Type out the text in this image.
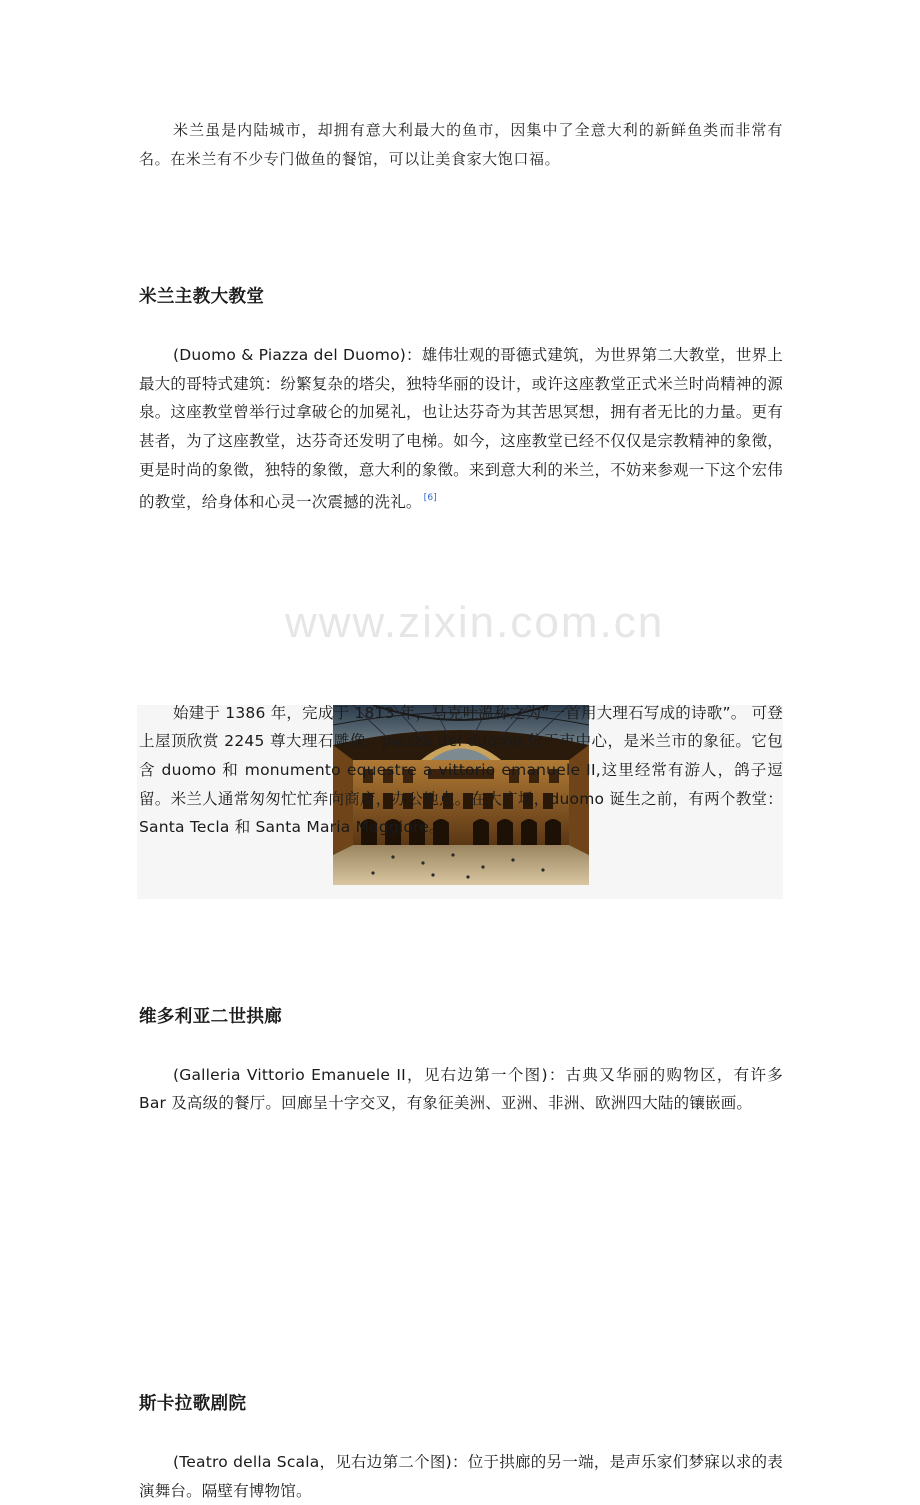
www.zixin.com.cn

米兰虽是内陆城市，却拥有意大利最大的鱼市，因集中了全意大利的新鲜鱼类而非常有名。在米兰有不少专门做鱼的餐馆，可以让美食家大饱口福。

米兰主教大教堂

(Duomo & Piazza del Duomo)：雄伟壮观的哥德式建筑，为世界第二大教堂，世界上最大的哥特式建筑：纷繁复杂的塔尖，独特华丽的设计，或许这座教堂正式米兰时尚精神的源泉。这座教堂曾举行过拿破仑的加冕礼，也让达芬奇为其苦思冥想，拥有者无比的力量。更有甚者，为了这座教堂，达芬奇还发明了电梯。如今，这座教堂已经不仅仅是宗教精神的象徵，更是时尚的象徵，独特的象徵，意大利的象徵。来到意大利的米兰，不妨来参观一下这个宏伟的教堂，给身体和心灵一次震撼的洗礼。 [6]

始建于 1386 年，完成于 1813 年，马克吐温称之为“一首用大理石写成的诗歌”。 可登上屋顶欣赏 2245 尊大理石雕像。piazza del duomo 位于市中心，是米兰市的象征。它包含 duomo 和 monumento equestre a vittorio emanuele II,这里经常有游人，鸽子逗留。米兰人通常匆匆忙忙奔向商店，办公地点。在大广场，duomo 诞生之前，有两个教堂：Santa Tecla 和 Santa Maria Maggiore。

维多利亚二世拱廊

(Galleria Vittorio Emanuele II，见右边第一个图)：古典又华丽的购物区，有许多 Bar 及高级的餐厅。回廊呈十字交叉，有象征美洲、亚洲、非洲、欧洲四大陆的镶嵌画。

斯卡拉歌剧院

(Teatro della Scala，见右边第二个图)：位于拱廊的另一端，是声乐家们梦寐以求的表演舞台。隔壁有博物馆。
